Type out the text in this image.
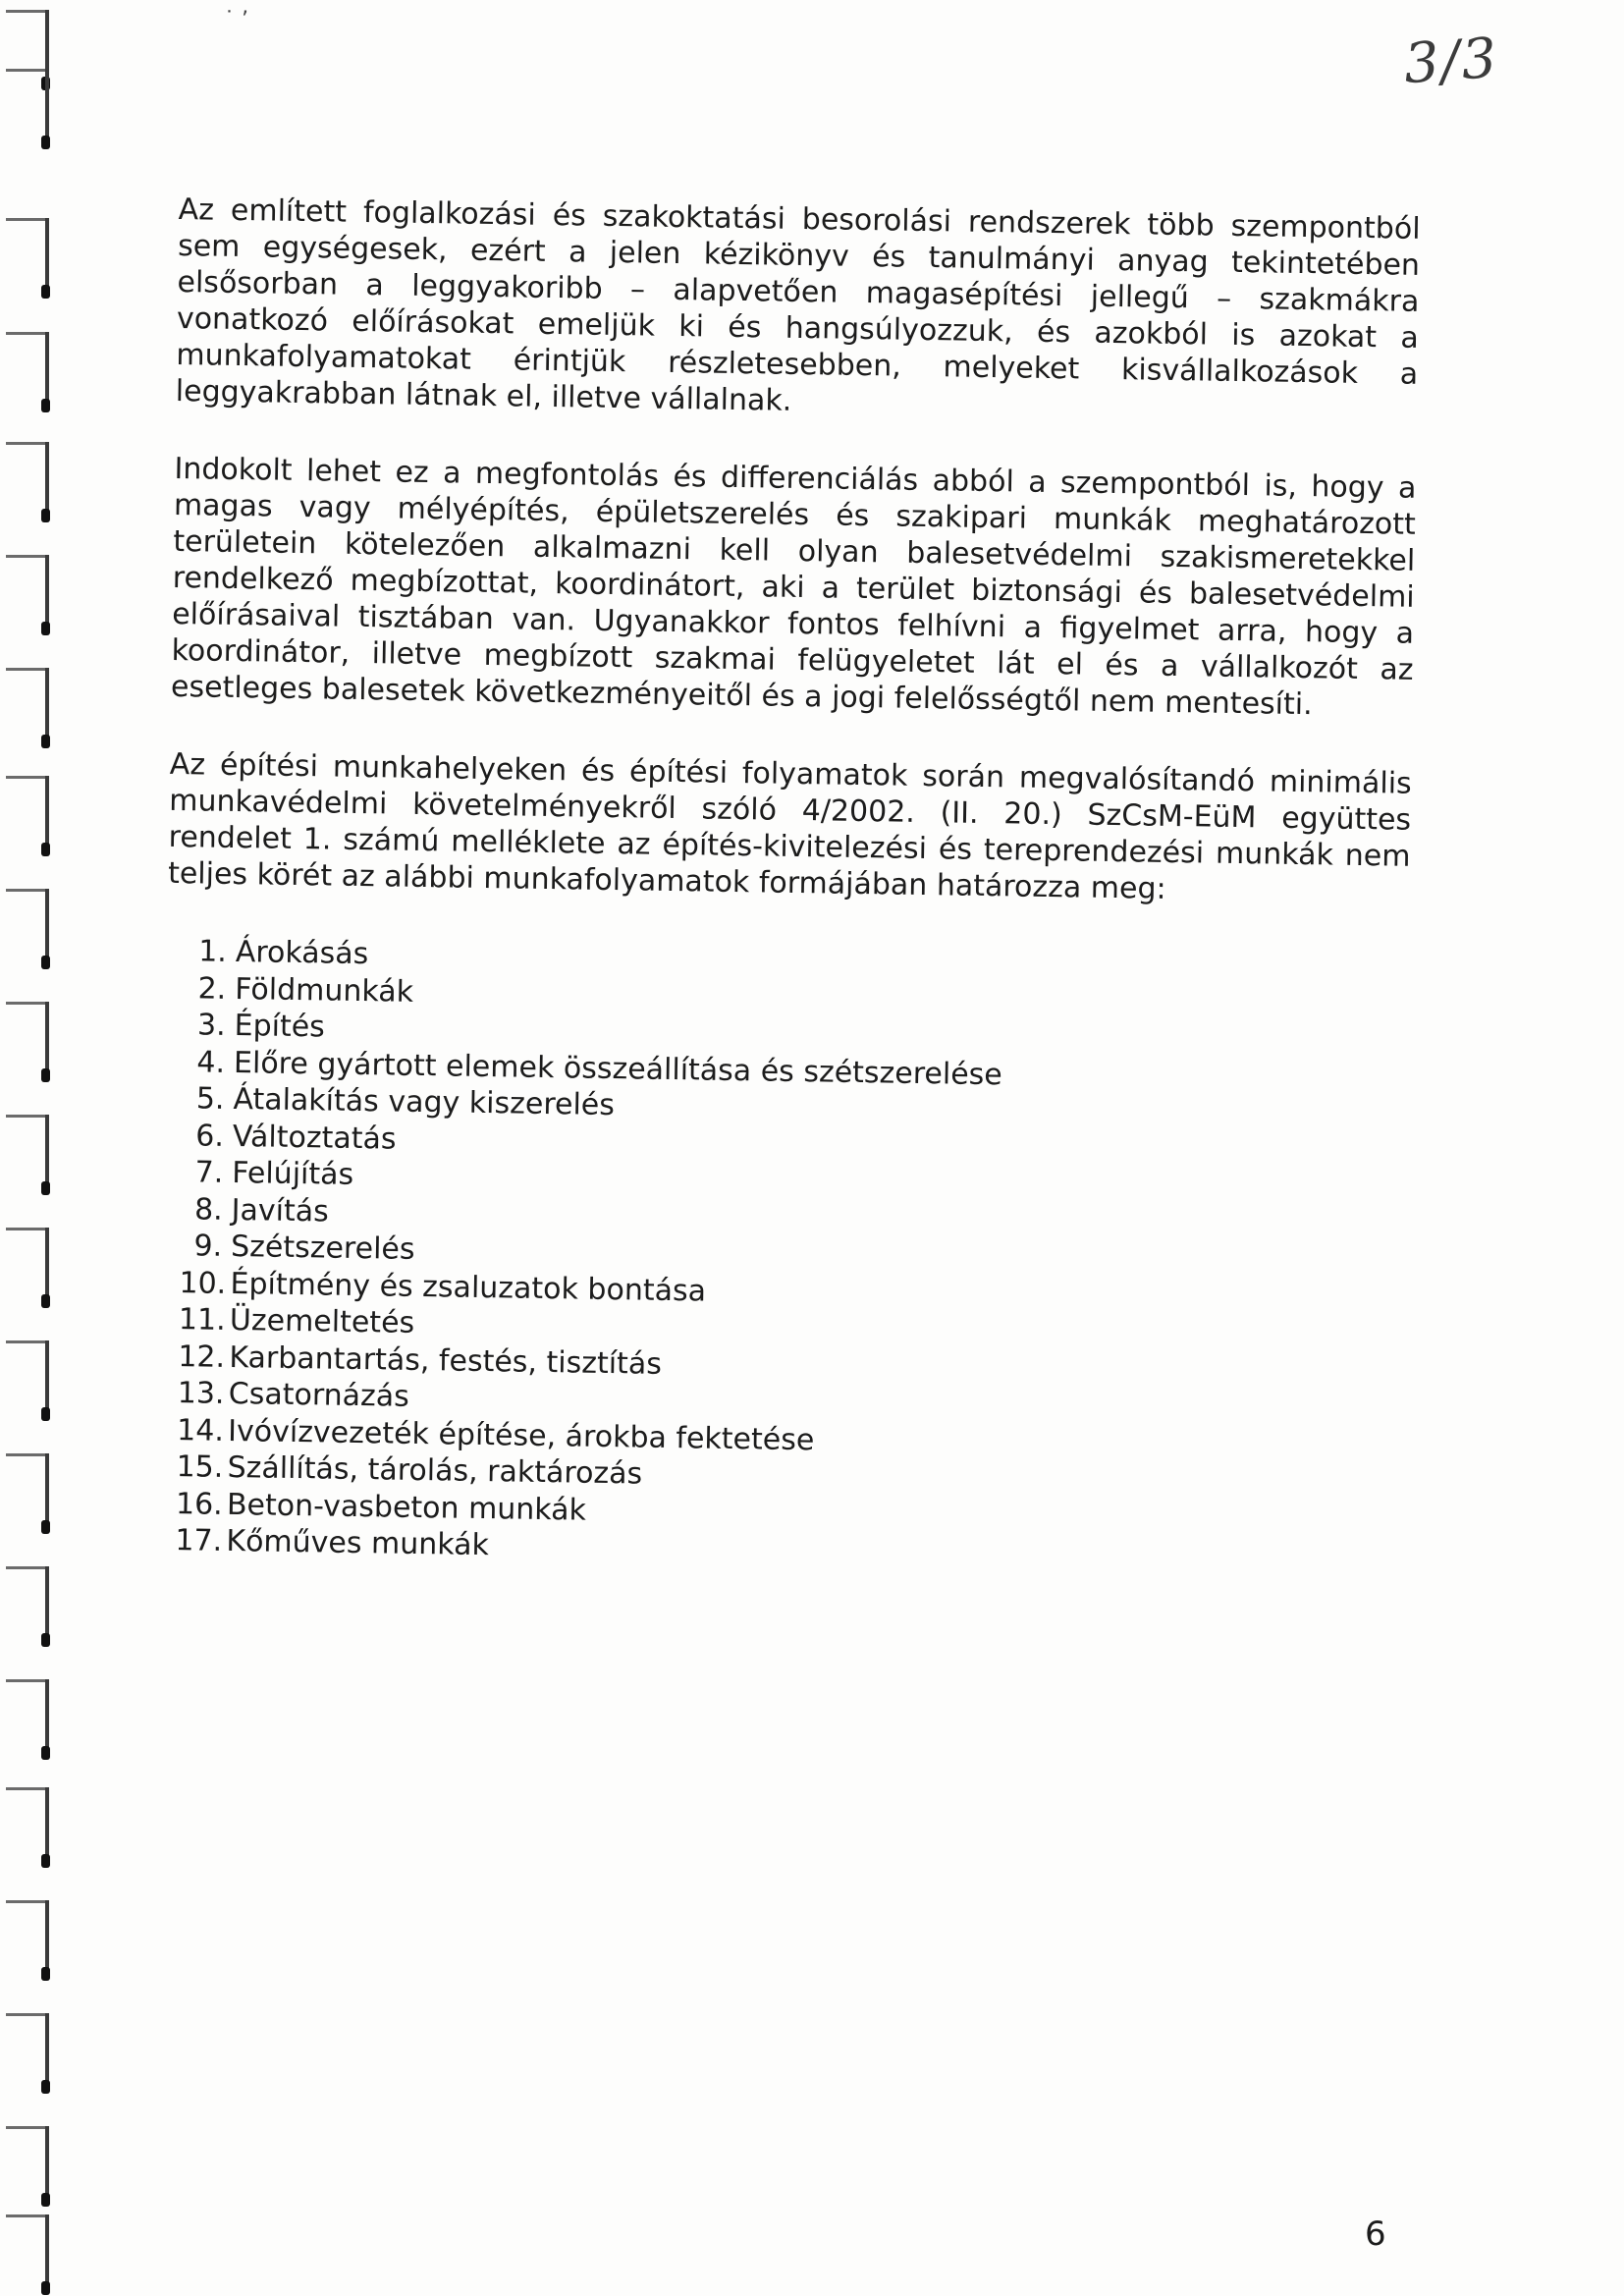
˙ ’
3/3

Az említett foglalkozási és szakoktatási besorolási rendszerek több szempontból sem egységesek, ezért a jelen kézikönyv és tanulmányi anyag tekintetében elsősorban a leggyakoribb – alapvetően magasépítési jellegű – szakmákra vonatkozó előírásokat emeljük ki és hangsúlyozzuk, és azokból is azokat a munkafolyamatokat érintjük részletesebben, melyeket kisvállalkozások a leggyakrabban látnak el, illetve vállalnak.

Indokolt lehet ez a megfontolás és differenciálás abból a szempontból is, hogy a magas vagy mélyépítés, épületszerelés és szakipari munkák meghatározott területein kötelezően alkalmazni kell olyan balesetvédelmi szakismeretekkel rendelkező megbízottat, koordinátort, aki a terület biztonsági és balesetvédelmi előírásaival tisztában van. Ugyanakkor fontos felhívni a figyelmet arra, hogy a koordinátor, illetve megbízott szakmai felügyeletet lát el és a vállalkozót az esetleges balesetek következményeitől és a jogi felelősségtől nem mentesíti.

Az építési munkahelyeken és építési folyamatok során megvalósítandó minimális munkavédelmi követelményekről szóló 4/2002. (II. 20.) SzCsM-EüM együttes rendelet 1. számú melléklete az építés-kivitelezési és tereprendezési munkák nem teljes körét az alábbi munkafolyamatok formájában határozza meg:

1. Árokásás
2. Földmunkák
3. Építés
4. Előre gyártott elemek összeállítása és szétszerelése
5. Átalakítás vagy kiszerelés
6. Változtatás
7. Felújítás
8. Javítás
9. Szétszerelés
10. Építmény és zsaluzatok bontása
11. Üzemeltetés
12. Karbantartás, festés, tisztítás
13. Csatornázás
14. Ivóvízvezeték építése, árokba fektetése
15. Szállítás, tárolás, raktározás
16. Beton-vasbeton munkák
17. Kőműves munkák
6
